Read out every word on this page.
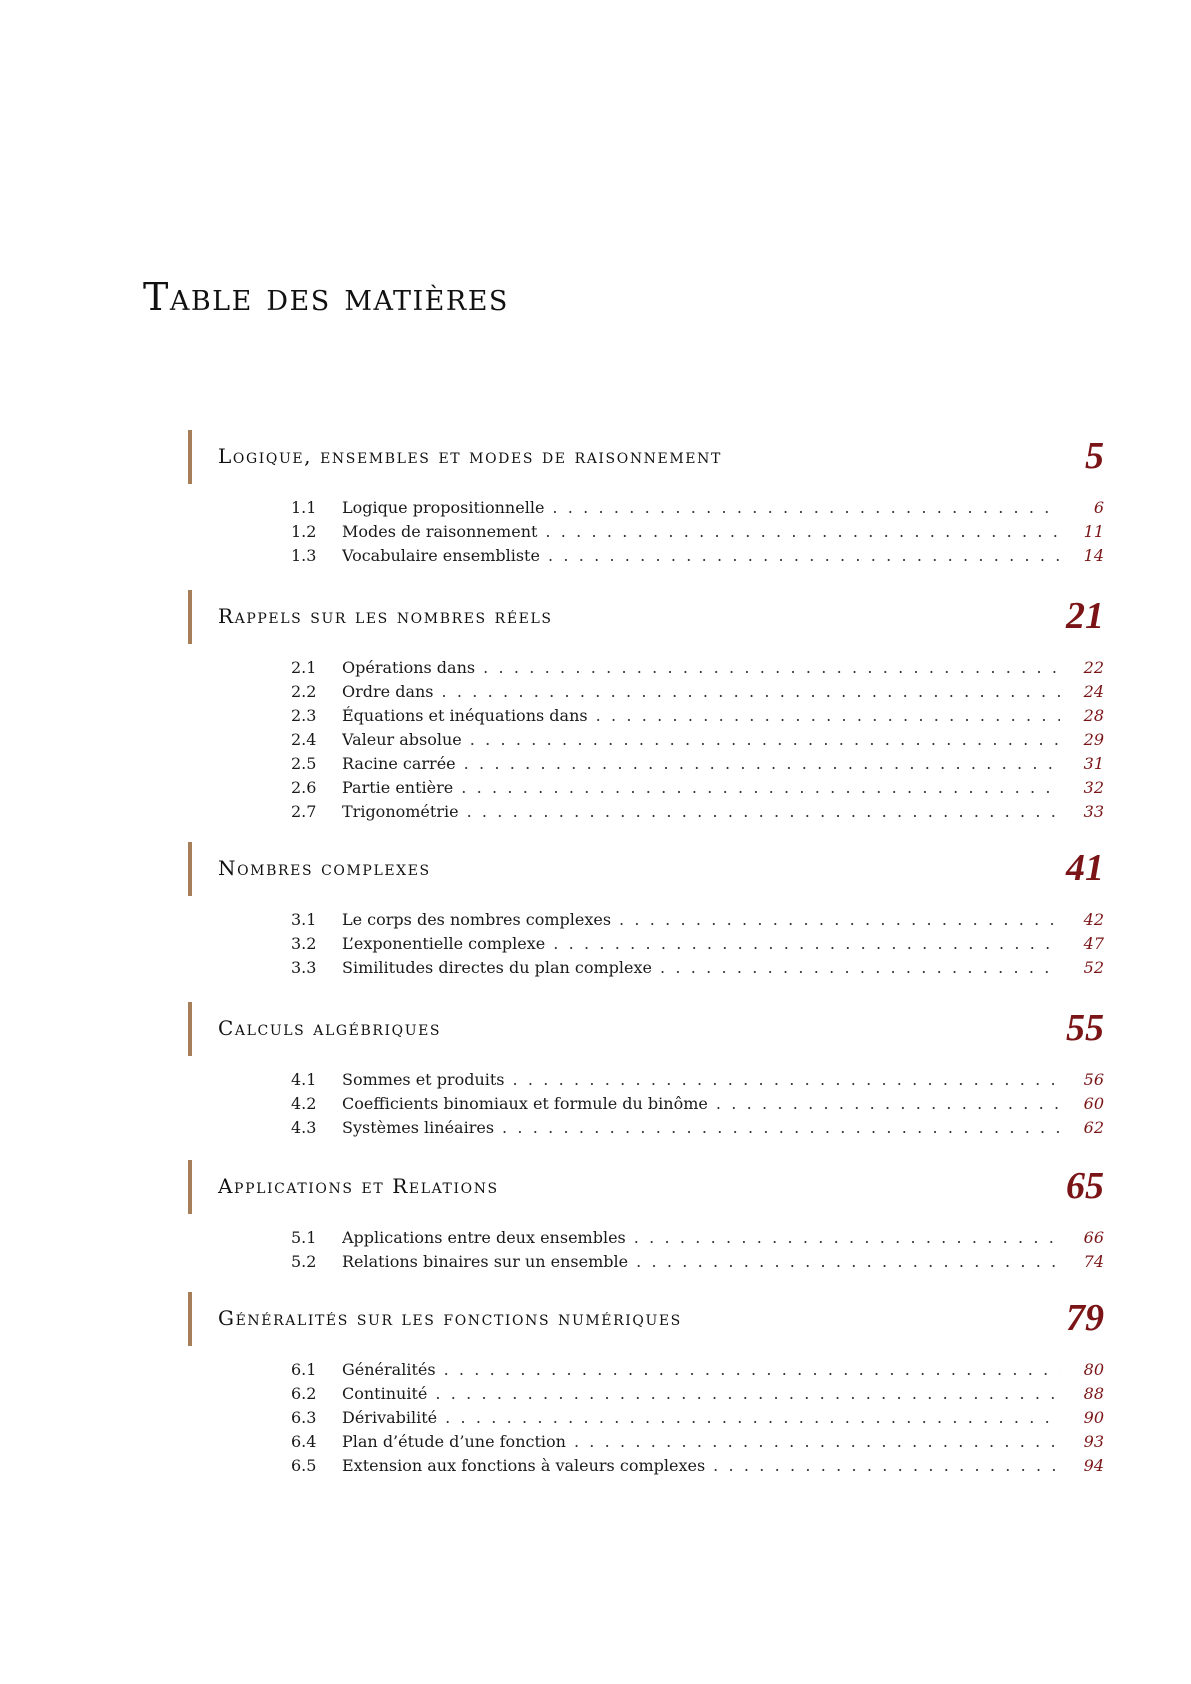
Table des matières
Logique, ensembles et modes de raisonnement	5
1.1 Logique propositionnelle . . .	6
1.2 Modes de raisonnement . . .	11
1.3 Vocabulaire ensembliste . . .	14
Rappels sur les nombres réels	21
2.1 Opérations dans . . .	22
2.2 Ordre dans . . .	24
2.3 Équations et inéquations dans . . .	28
2.4 Valeur absolue . . .	29
2.5 Racine carrée . . .	31
2.6 Partie entière . . .	32
2.7 Trigonométrie . . .	33
Nombres complexes	41
3.1 Le corps des nombres complexes . . .	42
3.2 L’exponentielle complexe . . .	47
3.3 Similitudes directes du plan complexe . . .	52
Calculs algébriques	55
4.1 Sommes et produits . . .	56
4.2 Coefficients binomiaux et formule du binôme . . .	60
4.3 Systèmes linéaires . . .	62
Applications et Relations	65
5.1 Applications entre deux ensembles . . .	66
5.2 Relations binaires sur un ensemble . . .	74
Généralités sur les fonctions numériques	79
6.1 Généralités . . .	80
6.2 Continuité . . .	88
6.3 Dérivabilité . . .	90
6.4 Plan d’étude d’une fonction . . .	93
6.5 Extension aux fonctions à valeurs complexes . . .	94
